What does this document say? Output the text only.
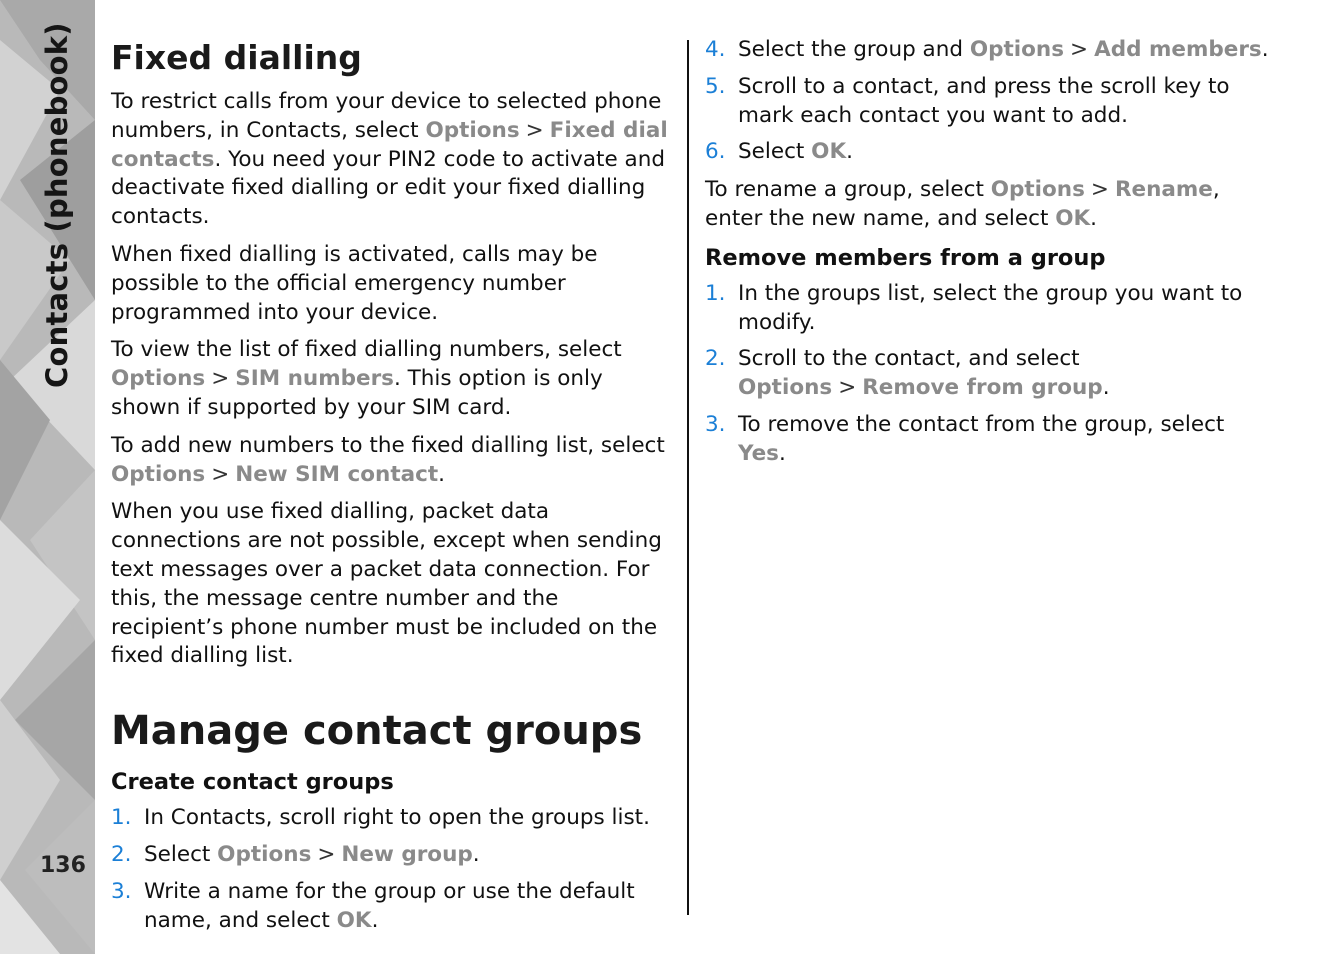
Contacts (phonebook)
136
Fixed dialling

To restrict calls from your device to selected phone numbers, in Contacts, select Options > Fixed dial contacts. You need your PIN2 code to activate and deactivate fixed dialling or edit your fixed dialling contacts.

When fixed dialling is activated, calls may be possible to the official emergency number programmed into your device.

To view the list of fixed dialling numbers, select Options > SIM numbers. This option is only shown if supported by your SIM card.

To add new numbers to the fixed dialling list, select Options > New SIM contact.

When you use fixed dialling, packet data connections are not possible, except when sending text messages over a packet data connection. For this, the message centre number and the recipient’s phone number must be included on the fixed dialling list.

Manage contact groups
Create contact groups
1. In Contacts, scroll right to open the groups list.
2. Select Options > New group.
3. Write a name for the group or use the default name, and select OK.
4. Select the group and Options > Add members.
5. Scroll to a contact, and press the scroll key to mark each contact you want to add.
6. Select OK.

To rename a group, select Options > Rename, enter the new name, and select OK.

Remove members from a group
1. In the groups list, select the group you want to modify.
2. Scroll to the contact, and select Options > Remove from group.
3. To remove the contact from the group, select Yes.
